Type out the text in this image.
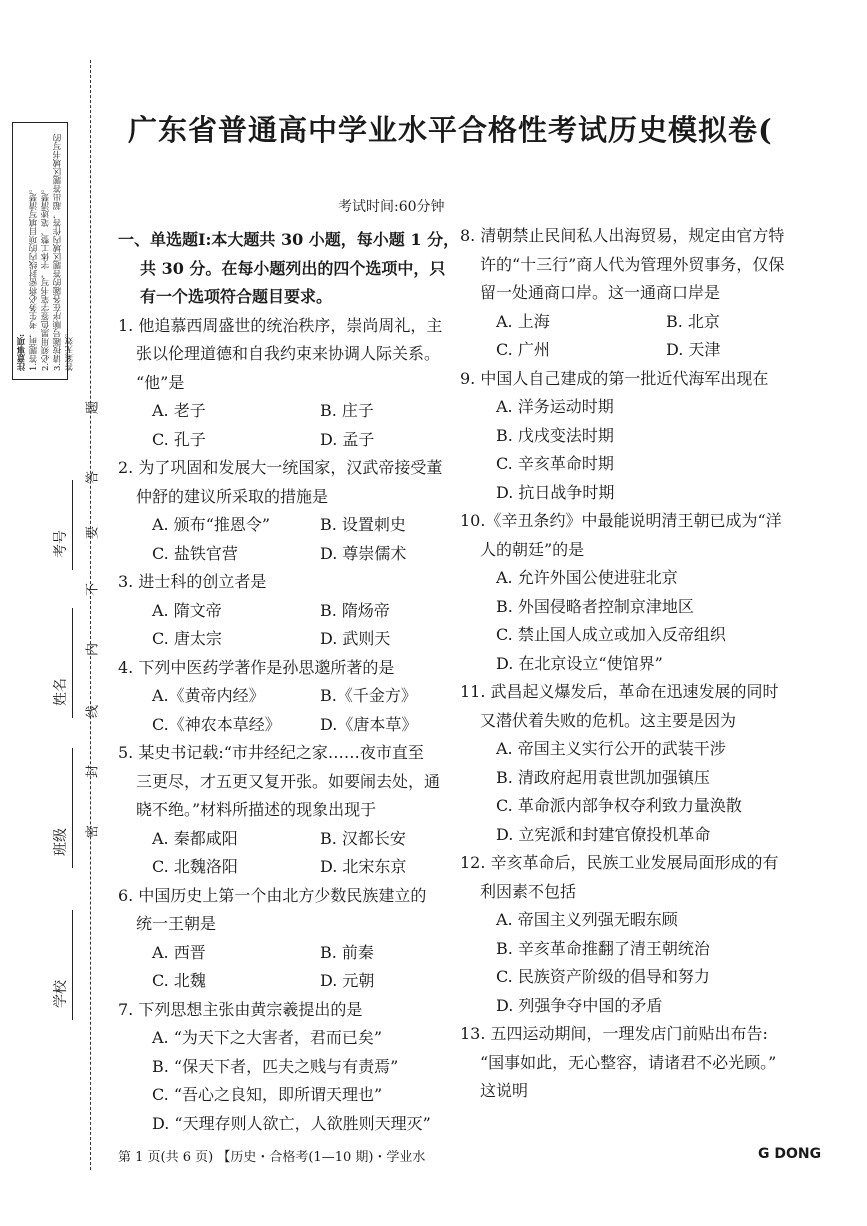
广东省普通高中学业水平合格性考试历史模拟卷(
考试时间:60分钟
注意事项: 1.答题前，考生务必将密封线内的项目填写清楚。 2.必须用黑色签字笔书写，字体工整、笔迹清楚。 3.请按题号顺序在各题的答题区域内作答，超出答题区域书写的答案无效。
题
答
要
不
内
线
封
密
考号
姓名
班级
学校

一、单选题Ⅰ:本大题共 30 小题，每小题 1 分，

共 30 分。在每小题列出的四个选项中，只

有一个选项符合题目要求。

1. 他追慕西周盛世的统治秩序，崇尚周礼，主

张以伦理道德和自我约束来协调人际关系。

“他”是

A. 老子	B. 庄子

C. 孔子	D. 孟子

2. 为了巩固和发展大一统国家，汉武帝接受董

仲舒的建议所采取的措施是

A. 颁布“推恩令”	B. 设置刺史

C. 盐铁官营	D. 尊崇儒术

3. 进士科的创立者是

A. 隋文帝	B. 隋炀帝

C. 唐太宗	D. 武则天

4. 下列中医药学著作是孙思邈所著的是

A.《黄帝内经》	B.《千金方》

C.《神农本草经》	D.《唐本草》

5. 某史书记载:“市井经纪之家……夜市直至

三更尽，才五更又复开张。如要闹去处，通

晓不绝。”材料所描述的现象出现于

A. 秦都咸阳	B. 汉都长安

C. 北魏洛阳	D. 北宋东京

6. 中国历史上第一个由北方少数民族建立的

统一王朝是

A. 西晋	B. 前秦

C. 北魏	D. 元朝

7. 下列思想主张由黄宗羲提出的是

A. “为天下之大害者，君而已矣”

B. “保天下者，匹夫之贱与有责焉”

C. “吾心之良知，即所谓天理也”

D. “天理存则人欲亡，人欲胜则天理灭”

8. 清朝禁止民间私人出海贸易，规定由官方特

许的“十三行”商人代为管理外贸事务，仅保

留一处通商口岸。这一通商口岸是

A. 上海	B. 北京

C. 广州	D. 天津

9. 中国人自己建成的第一批近代海军出现在

A. 洋务运动时期

B. 戊戌变法时期

C. 辛亥革命时期

D. 抗日战争时期

10.《辛丑条约》中最能说明清王朝已成为“洋

人的朝廷”的是

A. 允许外国公使进驻北京

B. 外国侵略者控制京津地区

C. 禁止国人成立或加入反帝组织

D. 在北京设立“使馆界”

11. 武昌起义爆发后，革命在迅速发展的同时

又潜伏着失败的危机。这主要是因为

A. 帝国主义实行公开的武装干涉

B. 清政府起用袁世凯加强镇压

C. 革命派内部争权夺利致力量涣散

D. 立宪派和封建官僚投机革命

12. 辛亥革命后，民族工业发展局面形成的有

利因素不包括

A. 帝国主义列强无暇东顾

B. 辛亥革命推翻了清王朝统治

C. 民族资产阶级的倡导和努力

D. 列强争夺中国的矛盾

13. 五四运动期间，一理发店门前贴出布告:

“国事如此，无心整容，请诸君不必光顾。”

这说明

第 1 页(共 6 页) 【历史・合格考(1—10 期)・学业水	G DONG
